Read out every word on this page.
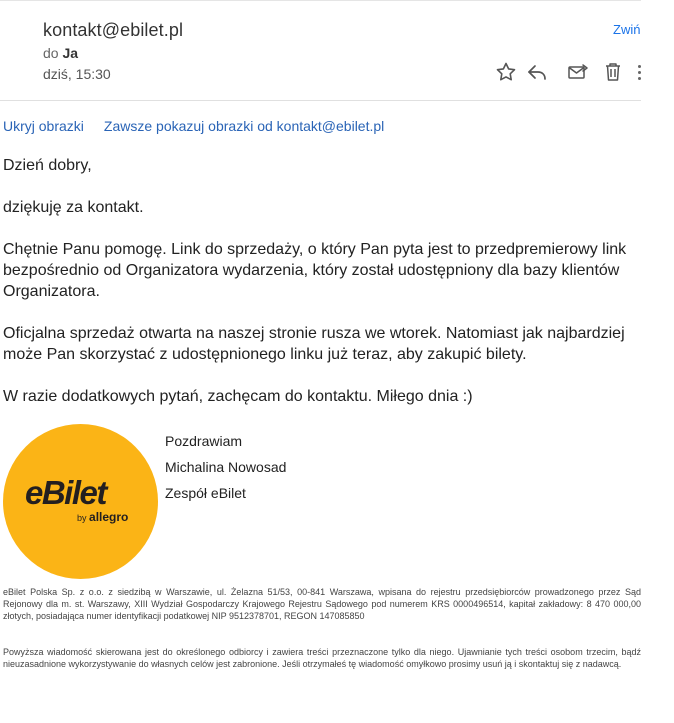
kontakt@ebilet.pl
do Ja
dziś, 15:30
Zwiń
Ukryj obrazki Zawsze pokazuj obrazki od kontakt@ebilet.pl

Dzień dobry,

dziękuję za kontakt.

Chętnie Panu pomogę. Link do sprzedaży, o który Pan pyta jest to przedpremierowy link bezpośrednio od Organizatora wydarzenia, który został udostępniony dla bazy klientów Organizatora.

Oficjalna sprzedaż otwarta na naszej stronie rusza we wtorek. Natomiast jak najbardziej może Pan skorzystać z udostępnionego linku już teraz, aby zakupić bilety.

W razie dodatkowych pytań, zachęcam do kontaktu. Miłego dnia :)

eBilet
by allegro
Pozdrawiam
Michalina Nowosad
Zespół eBilet
eBilet Polska Sp. z o.o. z siedzibą w Warszawie, ul. Żelazna 51/53, 00-841 Warszawa, wpisana do rejestru przedsiębiorców prowadzonego przez Sąd Rejonowy dla m. st. Warszawy, XIII Wydział Gospodarczy Krajowego Rejestru Sądowego pod numerem KRS 0000496514, kapitał zakładowy: 8 470 000,00 złotych, posiadająca numer identyfikacji podatkowej NIP 9512378701, REGON 147085850
Powyższa wiadomość skierowana jest do określonego odbiorcy i zawiera treści przeznaczone tylko dla niego. Ujawnianie tych treści osobom trzecim, bądź nieuzasadnione wykorzystywanie do własnych celów jest zabronione. Jeśli otrzymałeś tę wiadomość omyłkowo prosimy usuń ją i skontaktuj się z nadawcą.
